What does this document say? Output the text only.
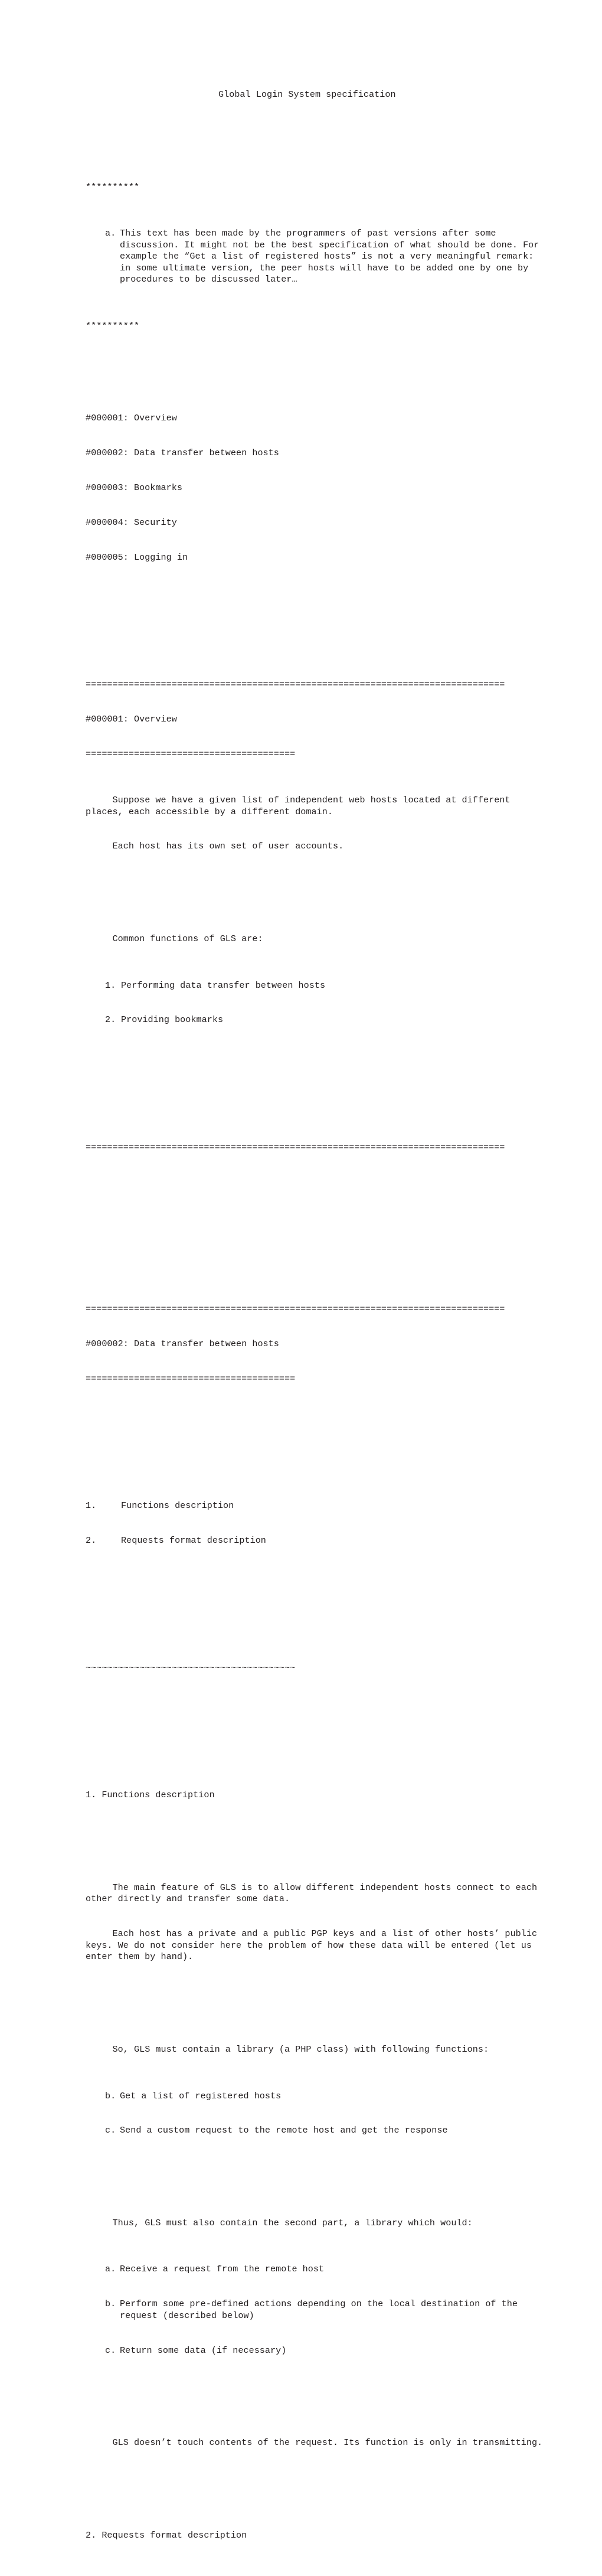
Global Login System specification

**********

a. This text has been made by the programmers of past versions after some discussion. It might not be the best specification of what should be done. For example the “Get a list of registered hosts” is not a very meaningful remark: in some ultimate version, the peer hosts will have to be added one by one by procedures to be discussed later…

**********

#000001: Overview

#000002: Data transfer between hosts

#000003: Bookmarks

#000004: Security

#000005: Logging in

==============================================================================

#000001: Overview

=======================================

Suppose we have a given list of independent web hosts located at different places, each accessible by a different domain.

Each host has its own set of user accounts.

Common functions of GLS are:

1. Performing data transfer between hosts

2. Providing bookmarks

==============================================================================

==============================================================================

#000002: Data transfer between hosts

=======================================

1.	Functions description

2.	Requests format description

~~~~~~~~~~~~~~~~~~~~~~~~~~~~~~~~~~~~~~~

1. Functions description

The main feature of GLS is to allow different independent hosts connect to each other directly and transfer some data.

Each host has a private and a public PGP keys and a list of other hosts’ public keys. We do not consider here the problem of how these data will be entered (let us enter them by hand).

So, GLS must contain a library (a PHP class) with following functions:

b. Get a list of registered hosts

c. Send a custom request to the remote host and get the response

Thus, GLS must also contain the second part, a library which would:

a. Receive a request from the remote host

b. Perform some pre-defined actions depending on the local destination of the request (described below)

c. Return some data (if necessary)

GLS doesn’t touch contents of the request. Its function is only in transmitting.

2. Requests format description
